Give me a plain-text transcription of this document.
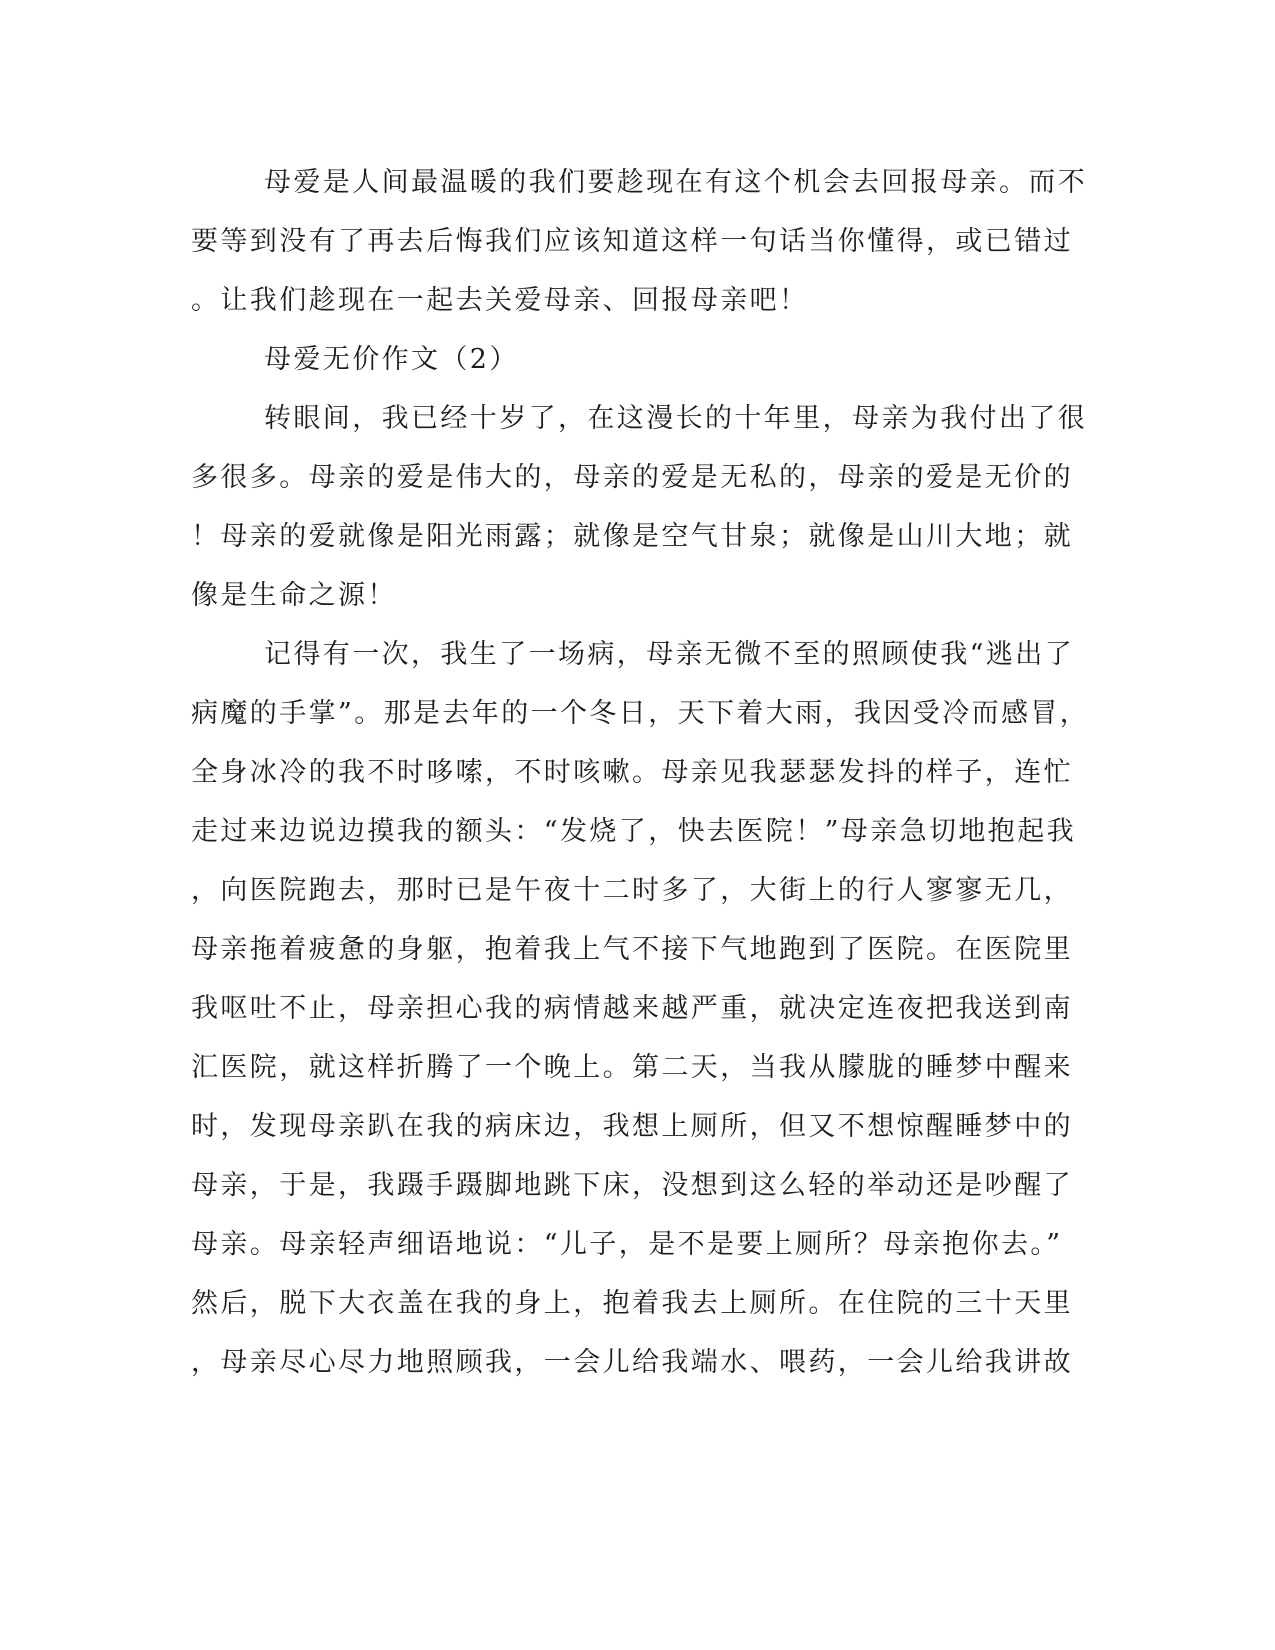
母爱是人间最温暖的我们要趁现在有这个机会去回报母亲。而不
要等到没有了再去后悔我们应该知道这样一句话当你懂得，或已错过
。让我们趁现在一起去关爱母亲、回报母亲吧！
母爱无价作文（2）
转眼间，我已经十岁了，在这漫长的十年里，母亲为我付出了很
多很多。母亲的爱是伟大的，母亲的爱是无私的，母亲的爱是无价的
！母亲的爱就像是阳光雨露；就像是空气甘泉；就像是山川大地；就
像是生命之源！
记得有一次，我生了一场病，母亲无微不至的照顾使我“逃出了
病魔的手掌”。那是去年的一个冬日，天下着大雨，我因受冷而感冒，
全身冰冷的我不时哆嗦，不时咳嗽。母亲见我瑟瑟发抖的样子，连忙
走过来边说边摸我的额头：“发烧了，快去医院！”母亲急切地抱起我
，向医院跑去，那时已是午夜十二时多了，大街上的行人寥寥无几，
母亲拖着疲惫的身躯，抱着我上气不接下气地跑到了医院。在医院里
我呕吐不止，母亲担心我的病情越来越严重，就决定连夜把我送到南
汇医院，就这样折腾了一个晚上。第二天，当我从朦胧的睡梦中醒来
时，发现母亲趴在我的病床边，我想上厕所，但又不想惊醒睡梦中的
母亲，于是，我蹑手蹑脚地跳下床，没想到这么轻的举动还是吵醒了
母亲。母亲轻声细语地说：“儿子，是不是要上厕所？母亲抱你去。”
然后，脱下大衣盖在我的身上，抱着我去上厕所。在住院的三十天里
，母亲尽心尽力地照顾我，一会儿给我端水、喂药，一会儿给我讲故
